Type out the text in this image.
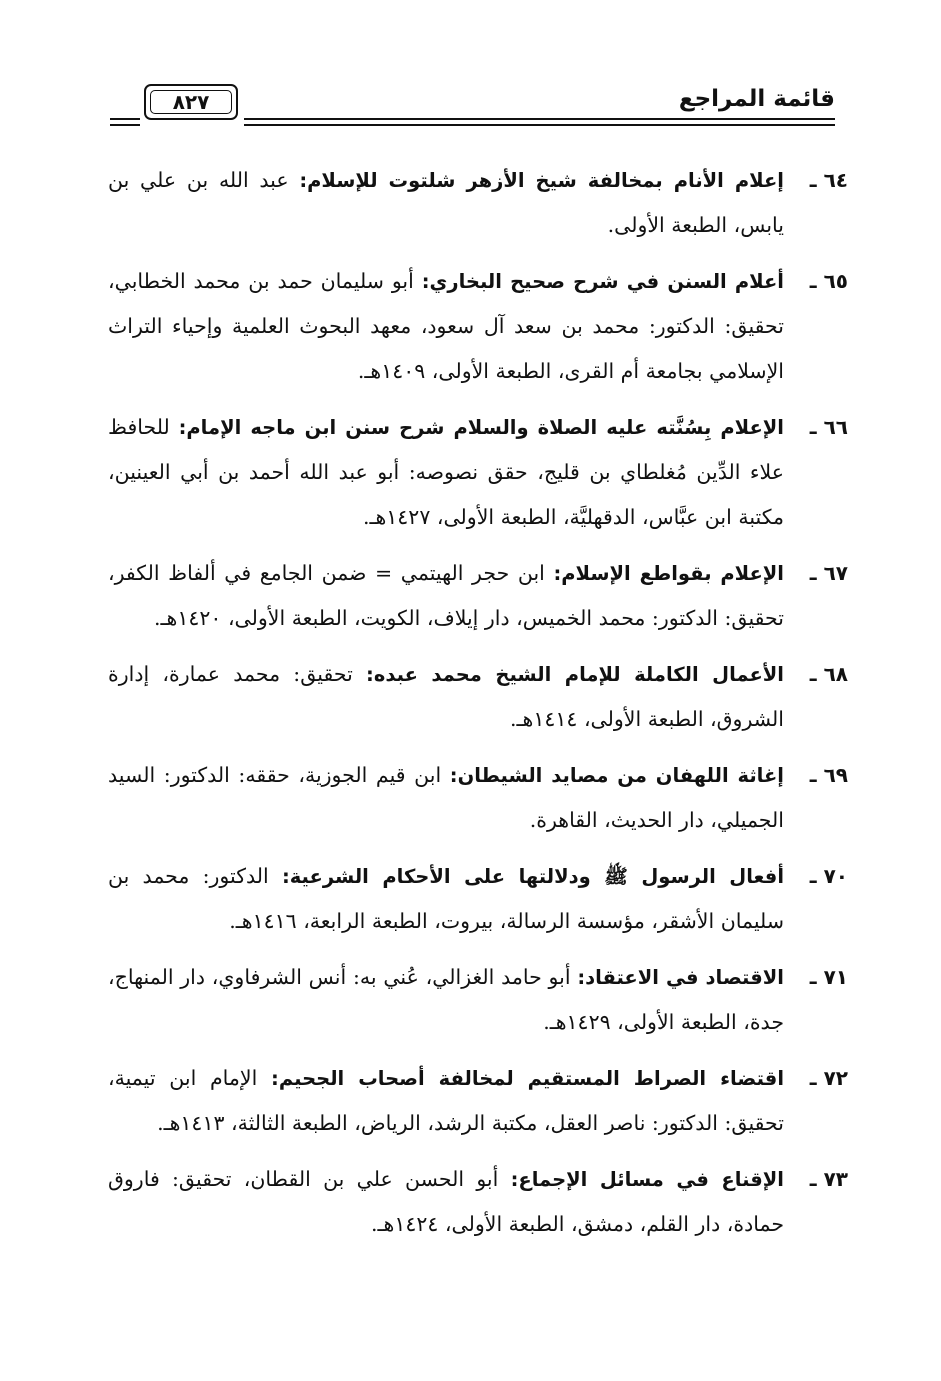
قائمة المراجع
٨٢٧
٦٤ ـ
إعلام الأنام بمخالفة شيخ الأزهر شلتوت للإسلام: عبد الله بن علي بن يابس، الطبعة الأولى.
٦٥ ـ
أعلام السنن في شرح صحيح البخاري: أبو سليمان حمد بن محمد الخطابي، تحقيق: الدكتور: محمد بن سعد آل سعود، معهد البحوث العلمية وإحياء التراث الإسلامي بجامعة أم القرى، الطبعة الأولى، ١٤٠٩هـ.
٦٦ ـ
الإعلام بِسُنَّته عليه الصلاة والسلام شرح سنن ابن ماجه الإمام: للحافظ علاء الدِّين مُغلطاي بن قليج، حقق نصوصه: أبو عبد الله أحمد بن أبي العينين، مكتبة ابن عبَّاس، الدقهليَّة، الطبعة الأولى، ١٤٢٧هـ.
٦٧ ـ
الإعلام بقواطع الإسلام: ابن حجر الهيتمي = ضمن الجامع في ألفاظ الكفر، تحقيق: الدكتور: محمد الخميس، دار إيلاف، الكويت، الطبعة الأولى، ١٤٢٠هـ.
٦٨ ـ
الأعمال الكاملة للإمام الشيخ محمد عبده: تحقيق: محمد عمارة، إدارة الشروق، الطبعة الأولى، ١٤١٤هـ.
٦٩ ـ
إغاثة اللهفان من مصايد الشيطان: ابن قيم الجوزية، حققه: الدكتور: السيد الجميلي، دار الحديث، القاهرة.
٧٠ ـ
أفعال الرسول ﷺ ودلالتها على الأحكام الشرعية: الدكتور: محمد بن سليمان الأشقر، مؤسسة الرسالة، بيروت، الطبعة الرابعة، ١٤١٦هـ.
٧١ ـ
الاقتصاد في الاعتقاد: أبو حامد الغزالي، عُني به: أنس الشرفاوي، دار المنهاج، جدة، الطبعة الأولى، ١٤٢٩هـ.
٧٢ ـ
اقتضاء الصراط المستقيم لمخالفة أصحاب الجحيم: الإمام ابن تيمية، تحقيق: الدكتور: ناصر العقل، مكتبة الرشد، الرياض، الطبعة الثالثة، ١٤١٣هـ.
٧٣ ـ
الإقناع في مسائل الإجماع: أبو الحسن علي بن القطان، تحقيق: فاروق حمادة، دار القلم، دمشق، الطبعة الأولى، ١٤٢٤هـ.
